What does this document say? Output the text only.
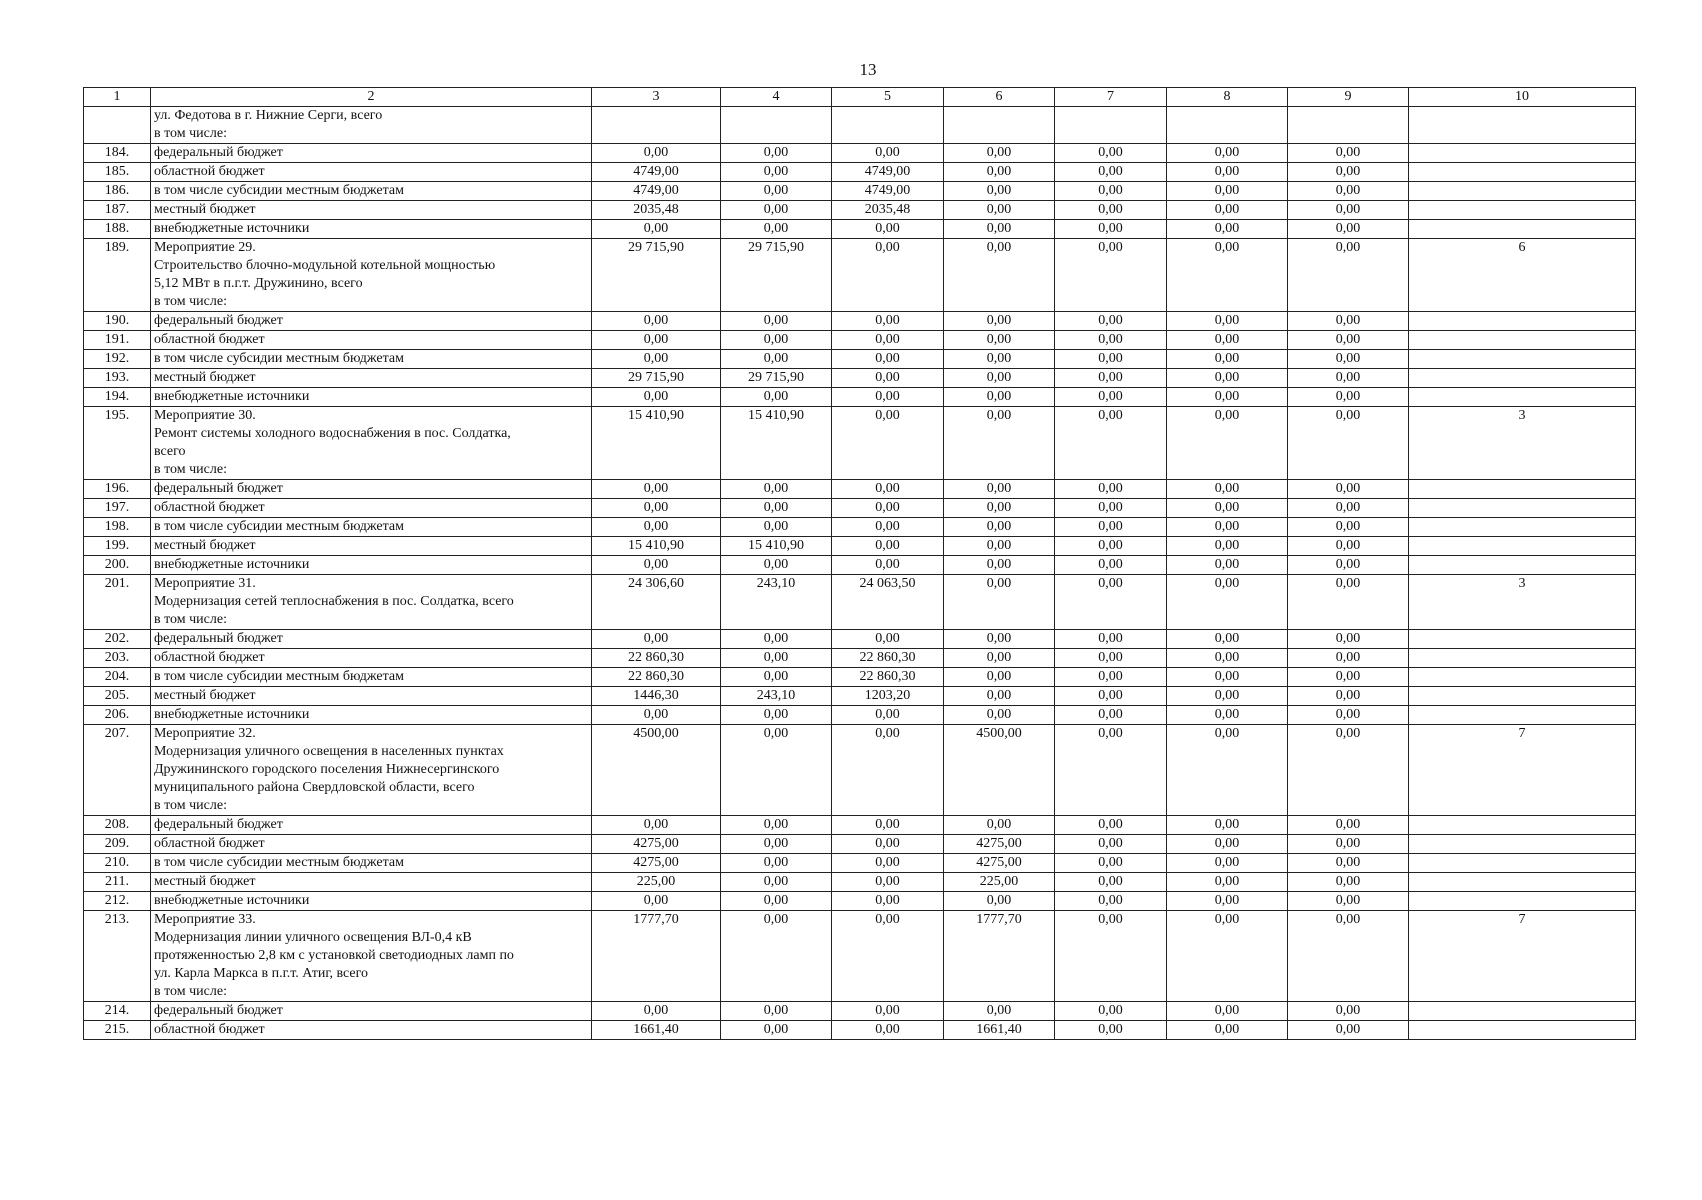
13
1	2	3	4	5	6	7	8	9	10
	ул. Федотова в г. Нижние Серги, всего
в том числе:								
184.	федеральный бюджет	0,00	0,00	0,00	0,00	0,00	0,00	0,00	
185.	областной бюджет	4749,00	0,00	4749,00	0,00	0,00	0,00	0,00	
186.	в том числе субсидии местным бюджетам	4749,00	0,00	4749,00	0,00	0,00	0,00	0,00	
187.	местный бюджет	2035,48	0,00	2035,48	0,00	0,00	0,00	0,00	
188.	внебюджетные источники	0,00	0,00	0,00	0,00	0,00	0,00	0,00	
189.	Мероприятие 29.
Строительство блочно-модульной котельной мощностью
5,12 МВт в п.г.т. Дружинино, всего
в том числе:	29 715,90	29 715,90	0,00	0,00	0,00	0,00	0,00	6
190.	федеральный бюджет	0,00	0,00	0,00	0,00	0,00	0,00	0,00	
191.	областной бюджет	0,00	0,00	0,00	0,00	0,00	0,00	0,00	
192.	в том числе субсидии местным бюджетам	0,00	0,00	0,00	0,00	0,00	0,00	0,00	
193.	местный бюджет	29 715,90	29 715,90	0,00	0,00	0,00	0,00	0,00	
194.	внебюджетные источники	0,00	0,00	0,00	0,00	0,00	0,00	0,00	
195.	Мероприятие 30.
Ремонт системы холодного водоснабжения в пос. Солдатка,
всего
в том числе:	15 410,90	15 410,90	0,00	0,00	0,00	0,00	0,00	3
196.	федеральный бюджет	0,00	0,00	0,00	0,00	0,00	0,00	0,00	
197.	областной бюджет	0,00	0,00	0,00	0,00	0,00	0,00	0,00	
198.	в том числе субсидии местным бюджетам	0,00	0,00	0,00	0,00	0,00	0,00	0,00	
199.	местный бюджет	15 410,90	15 410,90	0,00	0,00	0,00	0,00	0,00	
200.	внебюджетные источники	0,00	0,00	0,00	0,00	0,00	0,00	0,00	
201.	Мероприятие 31.
Модернизация сетей теплоснабжения в пос. Солдатка, всего
в том числе:	24 306,60	243,10	24 063,50	0,00	0,00	0,00	0,00	3
202.	федеральный бюджет	0,00	0,00	0,00	0,00	0,00	0,00	0,00	
203.	областной бюджет	22 860,30	0,00	22 860,30	0,00	0,00	0,00	0,00	
204.	в том числе субсидии местным бюджетам	22 860,30	0,00	22 860,30	0,00	0,00	0,00	0,00	
205.	местный бюджет	1446,30	243,10	1203,20	0,00	0,00	0,00	0,00	
206.	внебюджетные источники	0,00	0,00	0,00	0,00	0,00	0,00	0,00	
207.	Мероприятие 32.
Модернизация уличного освещения в населенных пунктах
Дружининского городского поселения Нижнесергинского
муниципального района Свердловской области, всего
в том числе:	4500,00	0,00	0,00	4500,00	0,00	0,00	0,00	7
208.	федеральный бюджет	0,00	0,00	0,00	0,00	0,00	0,00	0,00	
209.	областной бюджет	4275,00	0,00	0,00	4275,00	0,00	0,00	0,00	
210.	в том числе субсидии местным бюджетам	4275,00	0,00	0,00	4275,00	0,00	0,00	0,00	
211.	местный бюджет	225,00	0,00	0,00	225,00	0,00	0,00	0,00	
212.	внебюджетные источники	0,00	0,00	0,00	0,00	0,00	0,00	0,00	
213.	Мероприятие 33.
Модернизация линии уличного освещения ВЛ-0,4 кВ
протяженностью 2,8 км с установкой светодиодных ламп по
ул. Карла Маркса в п.г.т. Атиг, всего
в том числе:	1777,70	0,00	0,00	1777,70	0,00	0,00	0,00	7
214.	федеральный бюджет	0,00	0,00	0,00	0,00	0,00	0,00	0,00	
215.	областной бюджет	1661,40	0,00	0,00	1661,40	0,00	0,00	0,00	
